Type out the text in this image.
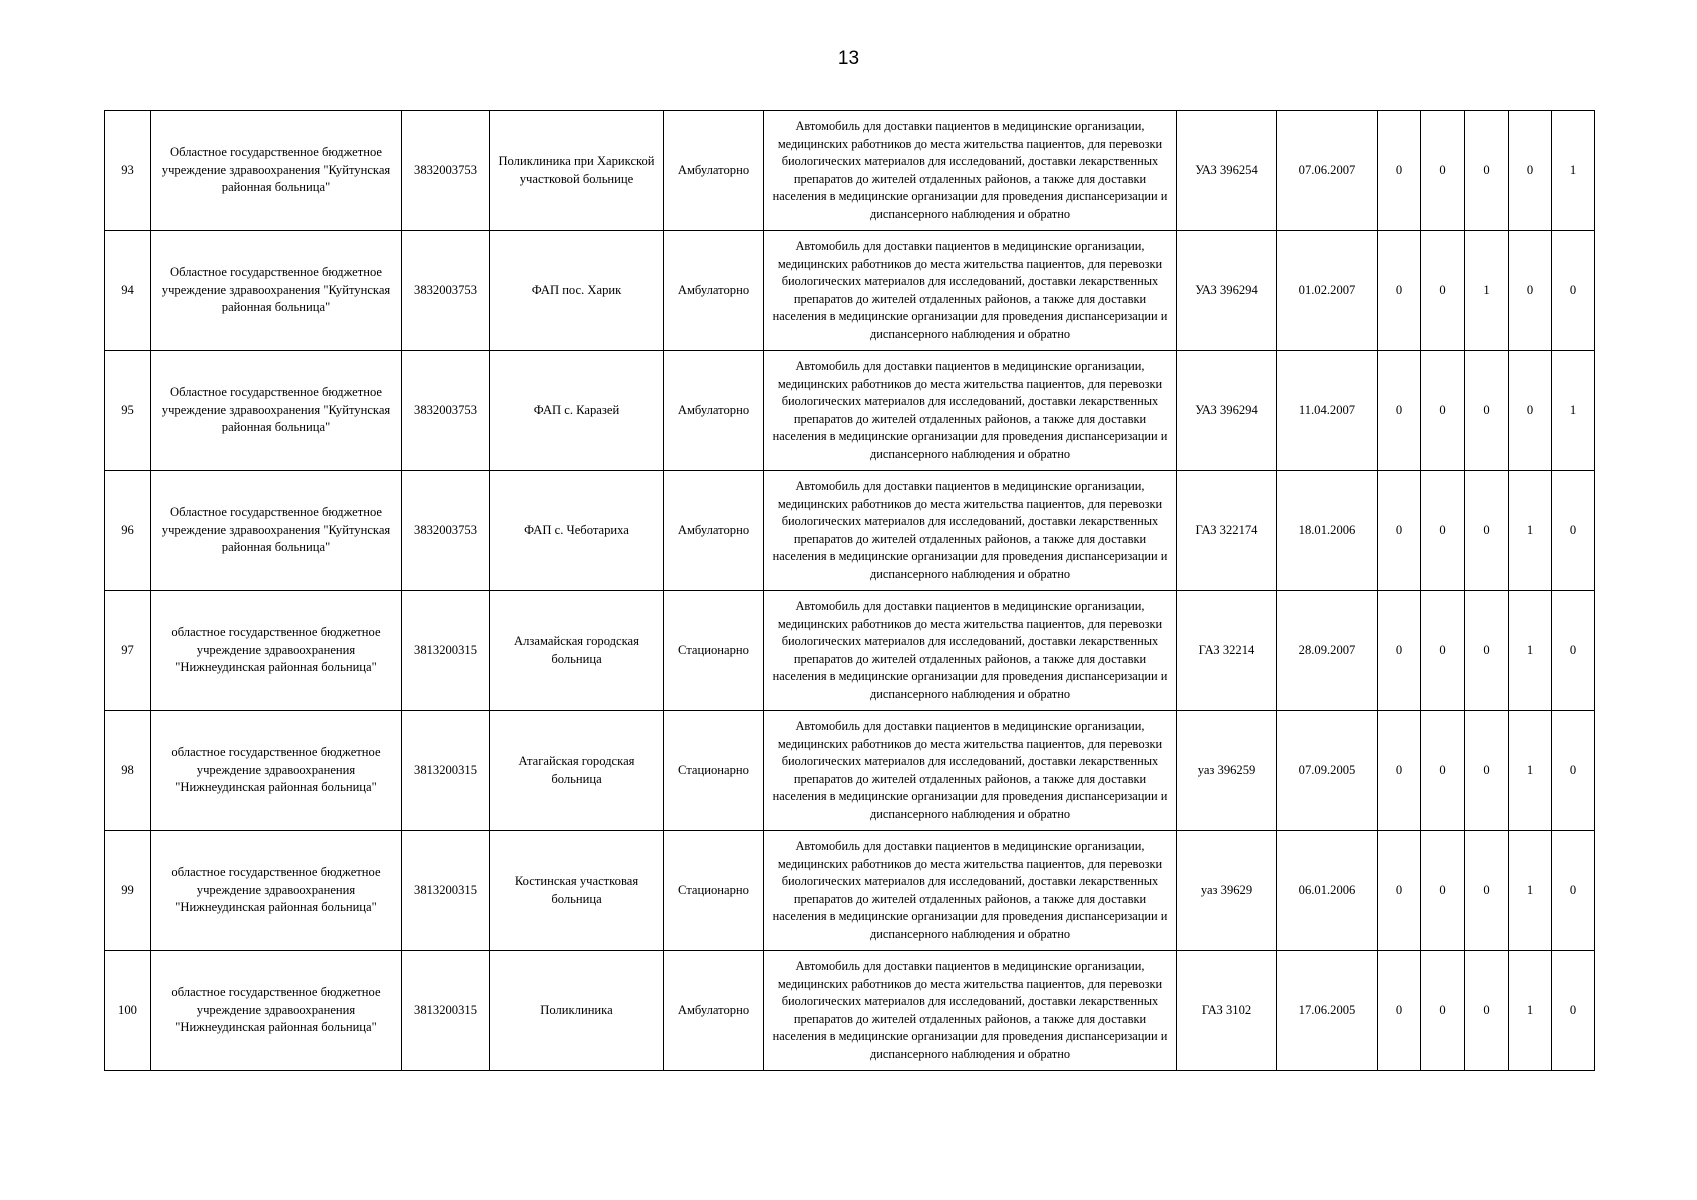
13
93	Областное государственное бюджетное учреждение здравоохранения "Куйтунская районная больница"	3832003753	Поликлиника при Харикской участковой больнице	Амбулаторно	Автомобиль для доставки пациентов в медицинские организации, медицинских работников до места жительства пациентов, для перевозки биологических материалов для исследований, доставки лекарственных препаратов до жителей отдаленных районов, а также для доставки населения в медицинские организации для проведения диспансеризации и диспансерного наблюдения и обратно	УАЗ 396254	07.06.2007	0	0	0	0	1
94	Областное государственное бюджетное учреждение здравоохранения "Куйтунская районная больница"	3832003753	ФАП пос. Харик	Амбулаторно	Автомобиль для доставки пациентов в медицинские организации, медицинских работников до места жительства пациентов, для перевозки биологических материалов для исследований, доставки лекарственных препаратов до жителей отдаленных районов, а также для доставки населения в медицинские организации для проведения диспансеризации и диспансерного наблюдения и обратно	УАЗ 396294	01.02.2007	0	0	1	0	0
95	Областное государственное бюджетное учреждение здравоохранения "Куйтунская районная больница"	3832003753	ФАП с. Каразей	Амбулаторно	Автомобиль для доставки пациентов в медицинские организации, медицинских работников до места жительства пациентов, для перевозки биологических материалов для исследований, доставки лекарственных препаратов до жителей отдаленных районов, а также для доставки населения в медицинские организации для проведения диспансеризации и диспансерного наблюдения и обратно	УАЗ 396294	11.04.2007	0	0	0	0	1
96	Областное государственное бюджетное учреждение здравоохранения "Куйтунская районная больница"	3832003753	ФАП с. Чеботариха	Амбулаторно	Автомобиль для доставки пациентов в медицинские организации, медицинских работников до места жительства пациентов, для перевозки биологических материалов для исследований, доставки лекарственных препаратов до жителей отдаленных районов, а также для доставки населения в медицинские организации для проведения диспансеризации и диспансерного наблюдения и обратно	ГАЗ 322174	18.01.2006	0	0	0	1	0
97	областное государственное бюджетное учреждение здравоохранения "Нижнеудинская районная больница"	3813200315	Алзамайская городская больница	Стационарно	Автомобиль для доставки пациентов в медицинские организации, медицинских работников до места жительства пациентов, для перевозки биологических материалов для исследований, доставки лекарственных препаратов до жителей отдаленных районов, а также для доставки населения в медицинские организации для проведения диспансеризации и диспансерного наблюдения и обратно	ГАЗ 32214	28.09.2007	0	0	0	1	0
98	областное государственное бюджетное учреждение здравоохранения "Нижнеудинская районная больница"	3813200315	Атагайская городская больница	Стационарно	Автомобиль для доставки пациентов в медицинские организации, медицинских работников до места жительства пациентов, для перевозки биологических материалов для исследований, доставки лекарственных препаратов до жителей отдаленных районов, а также для доставки населения в медицинские организации для проведения диспансеризации и диспансерного наблюдения и обратно	уаз 396259	07.09.2005	0	0	0	1	0
99	областное государственное бюджетное учреждение здравоохранения "Нижнеудинская районная больница"	3813200315	Костинская участковая больница	Стационарно	Автомобиль для доставки пациентов в медицинские организации, медицинских работников до места жительства пациентов, для перевозки биологических материалов для исследований, доставки лекарственных препаратов до жителей отдаленных районов, а также для доставки населения в медицинские организации для проведения диспансеризации и диспансерного наблюдения и обратно	уаз 39629	06.01.2006	0	0	0	1	0
100	областное государственное бюджетное учреждение здравоохранения "Нижнеудинская районная больница"	3813200315	Поликлиника	Амбулаторно	Автомобиль для доставки пациентов в медицинские организации, медицинских работников до места жительства пациентов, для перевозки биологических материалов для исследований, доставки лекарственных препаратов до жителей отдаленных районов, а также для доставки населения в медицинские организации для проведения диспансеризации и диспансерного наблюдения и обратно	ГАЗ 3102	17.06.2005	0	0	0	1	0
